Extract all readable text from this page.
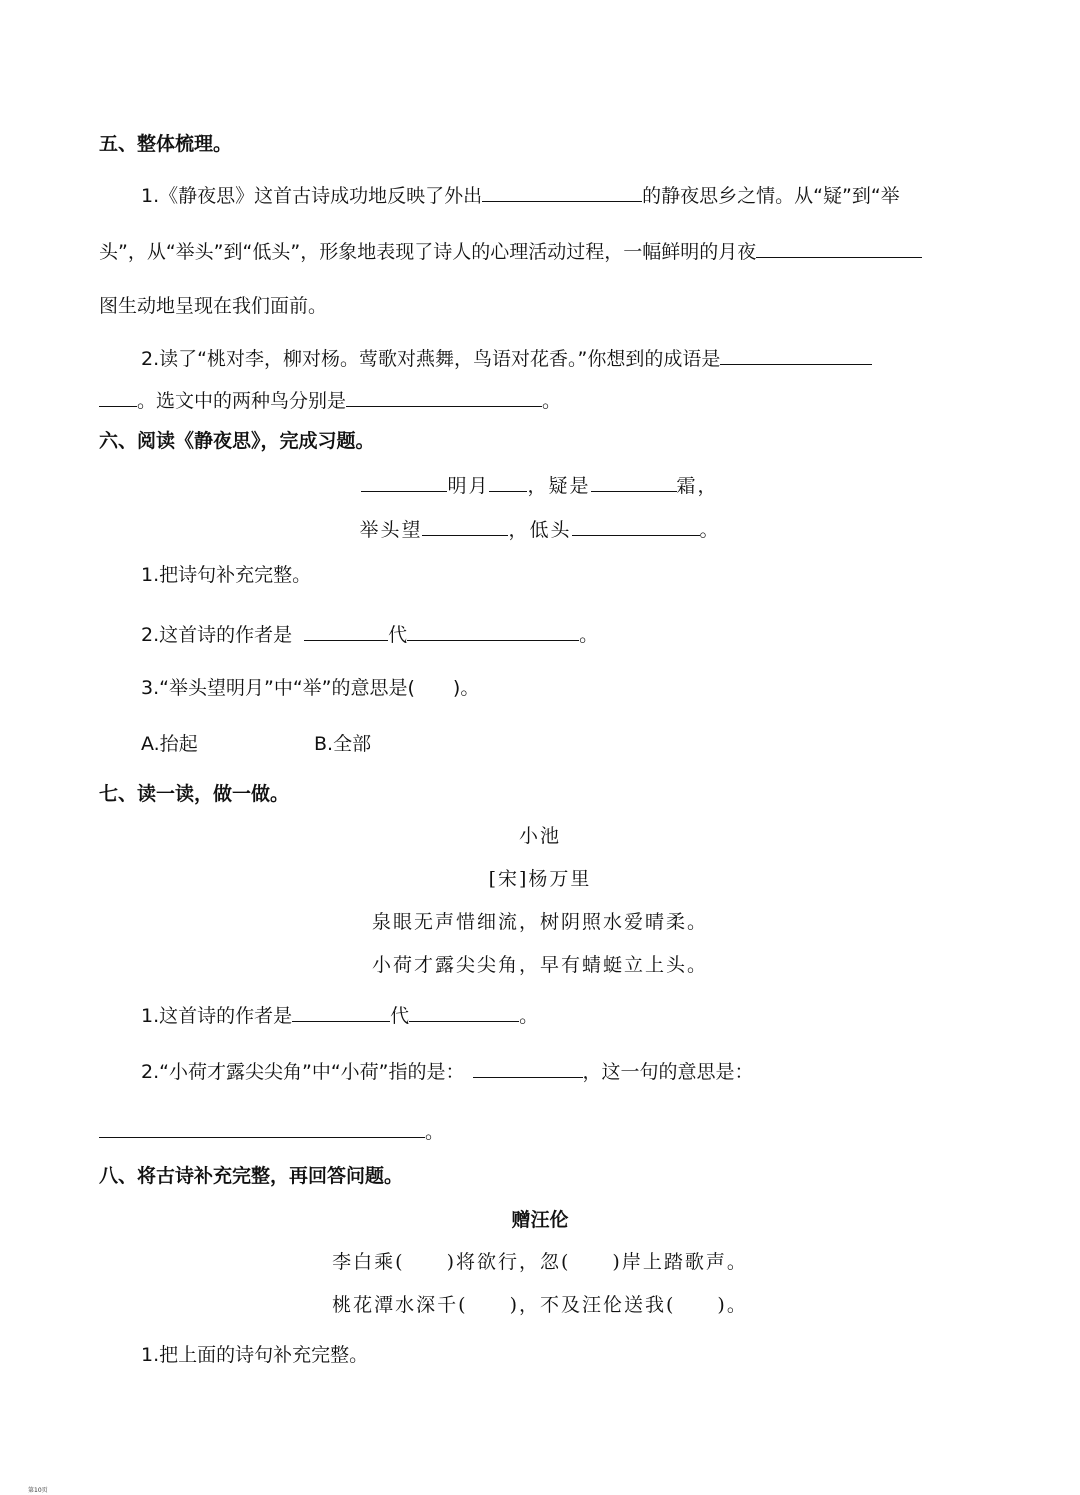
五、整体梳理。
1.《静夜思》这首古诗成功地反映了外出	的静夜思乡之情。从“疑”到“举
头”，从“举头”到“低头”，形象地表现了诗人的心理活动过程，一幅鲜明的月夜
图生动地呈现在我们面前。
2.读了“桃对李，柳对杨。莺歌对燕舞，鸟语对花香。”你想到的成语是
。选文中的两种鸟分别是	。
六、阅读《静夜思》，完成习题。
明月 ，疑是	霜，
举头望	，低头	。
1.把诗句补充完整。
2.这首诗的作者是	代	。
3.“举头望明月”中“举”的意思是(　　)。
A.抬起	B.全部
七、读一读，做一做。
小池
[宋]杨万里
泉眼无声惜细流，树阴照水爱晴柔。
小荷才露尖尖角，早有蜻蜓立上头。
1.这首诗的作者是	代	。
2.“小荷才露尖尖角”中“小荷”指的是：	，这一句的意思是：
。
八、将古诗补充完整，再回答问题。
赠汪伦
李白乘(　　)将欲行，忽(　　)岸上踏歌声。
桃花潭水深千(　　)，不及汪伦送我(　　)。
1.把上面的诗句补充完整。
第10页
